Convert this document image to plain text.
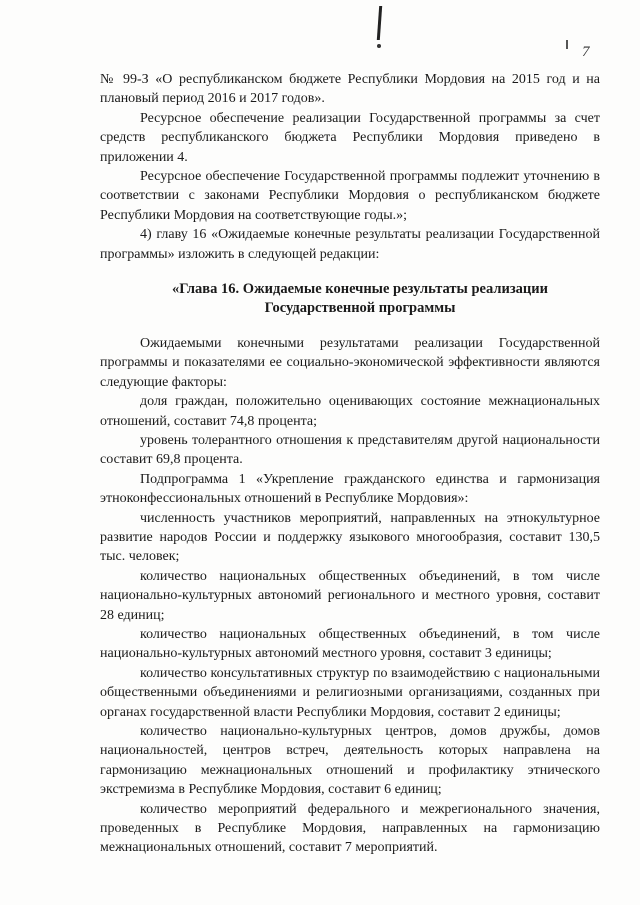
7

№ 99-З «О республиканском бюджете Республики Мордовия на 2015 год и на плановый период 2016 и 2017 годов».

Ресурсное обеспечение реализации Государственной программы за счет средств республиканского бюджета Республики Мордовия приведено в приложении 4.

Ресурсное обеспечение Государственной программы подлежит уточнению в соответствии с законами Республики Мордовия о республиканском бюджете Республики Мордовия на соответствующие годы.»;

4) главу 16 «Ожидаемые конечные результаты реализации Государственной программы» изложить в следующей редакции:

«Глава 16. Ожидаемые конечные результаты реализации Государственной программы

Ожидаемыми конечными результатами реализации Государственной программы и показателями ее социально-экономической эффективности являются следующие факторы:

доля граждан, положительно оценивающих состояние межнациональных отношений, составит 74,8 процента;

уровень толерантного отношения к представителям другой национальности составит 69,8 процента.

Подпрограмма 1 «Укрепление гражданского единства и гармонизация этноконфессиональных отношений в Республике Мордовия»:

численность участников мероприятий, направленных на этнокультурное развитие народов России и поддержку языкового многообразия, составит 130,5 тыс. человек;

количество национальных общественных объединений, в том числе национально-культурных автономий регионального и местного уровня, составит 28 единиц;

количество национальных общественных объединений, в том числе национально-культурных автономий местного уровня, составит 3 единицы;

количество консультативных структур по взаимодействию с национальными общественными объединениями и религиозными организациями, созданных при органах государственной власти Республики Мордовия, составит 2 единицы;

количество национально-культурных центров, домов дружбы, домов национальностей, центров встреч, деятельность которых направлена на гармонизацию межнациональных отношений и профилактику этнического экстремизма в Республике Мордовия, составит 6 единиц;

количество мероприятий федерального и межрегионального значения, проведенных в Республике Мордовия, направленных на гармонизацию межнациональных отношений, составит 7 мероприятий.
